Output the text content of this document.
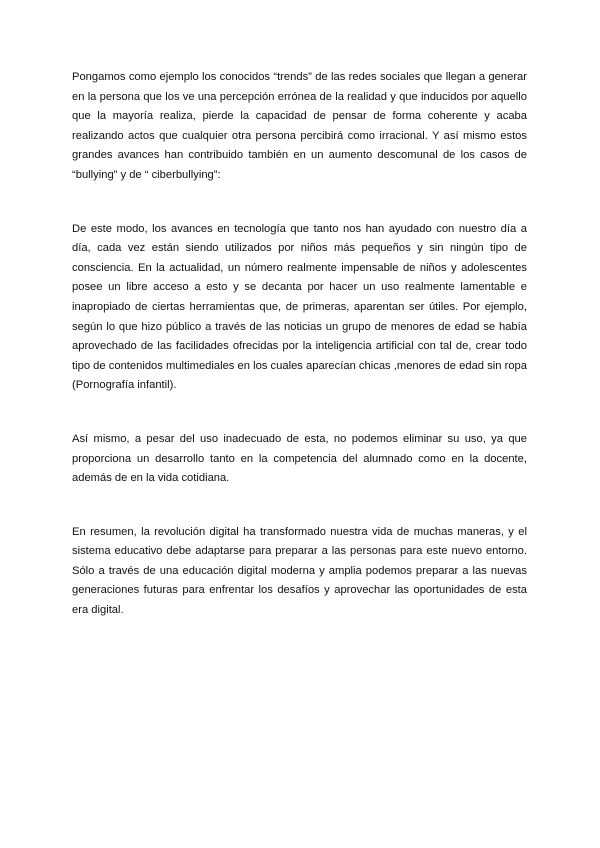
Pongamos como ejemplo los conocidos “trends” de las redes sociales que llegan a generar en la persona que los ve una percepción errónea de la realidad y que inducidos por aquello que la mayoría realiza, pierde la capacidad de pensar de forma coherente y acaba realizando actos que cualquier otra persona percibirá como irracional. Y así mismo estos grandes avances han contribuido también en un aumento descomunal de los casos de “bullying” y de “ ciberbullying”:

De este modo, los avances en tecnología que tanto nos han ayudado con nuestro día a día, cada vez están siendo utilizados por niños más pequeños y sin ningún tipo de consciencia. En la actualidad, un número realmente impensable de niños y adolescentes posee un libre acceso a esto y se decanta por hacer un uso realmente lamentable e inapropiado de ciertas herramientas que, de primeras, aparentan ser útiles. Por ejemplo, según lo que hizo público a través de las noticias un grupo de menores de edad se había aprovechado de las facilidades ofrecidas por la inteligencia artificial con tal de, crear todo tipo de contenidos multimediales en los cuales aparecían chicas ,menores de edad sin ropa (Pornografía infantil).

Así mismo, a pesar del uso inadecuado de esta, no podemos eliminar su uso, ya que proporciona un desarrollo tanto en la competencia del alumnado como en la docente, además de en la vida cotidiana.

En resumen, la revolución digital ha transformado nuestra vida de muchas maneras, y el sistema educativo debe adaptarse para preparar a las personas para este nuevo entorno. Sólo a través de una educación digital moderna y amplia podemos preparar a las nuevas generaciones futuras para enfrentar los desafíos y aprovechar las oportunidades de esta era digital.
